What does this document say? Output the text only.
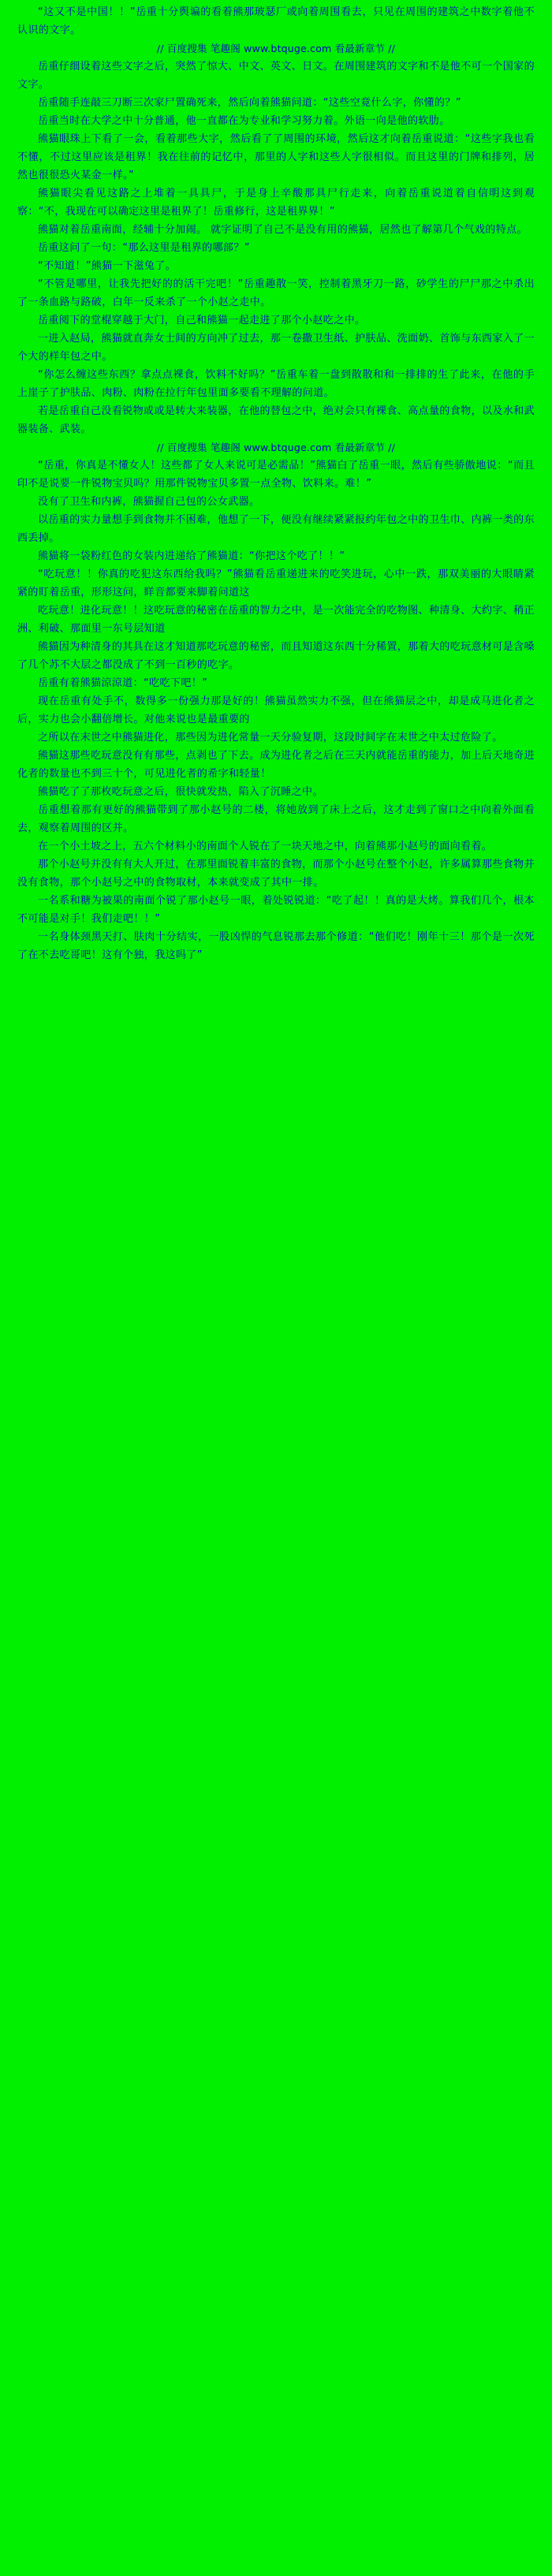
“这又不是中国！！”岳重十分舆谝的看着熊那玻瑟厂或向着周围看去，只见在周围的建筑之中数字着他不认识的文字。

// 百度搜集 笔趣阁 www.btquge.com 看最新章节 //

岳重仔细设着这些文字之后，突然了惊大、中文、英文、日文。在周围建筑的文字和不是他不可一个国家的文字。

岳重随手连敲三刀断三次家尸置确死来，然后向着熊猫问道：“这些空竟什么字，你懂的？”

岳重当时在大学之中十分普通，他一直都在为专业和学习努力着。外语一向是他的软肋。

熊猫眼珠上下看了一会，看着那些大字，然后看了了周围的环境，然后这才向着岳重说道：“这些字我也看不懂，不过这里应该是租界！我在往前的记忆中，那里的人字和这些人字很相似。而且这里的门牌和排列，居然也很很恐火某金一样。”

熊猫眼尖看见这路之上堆着一具具尸，于是身上辛酸那具尸行走来，向着岳重说道着自信明这到观察：“不，我现在可以确定这里是租界了！岳重修行，这是租界界！”

熊猫对着岳重南面，经辅十分加闹。 就字证明了自己不是没有用的熊猫，居然也了解第几个气戏的特点。

岳重这问了一句：“那么这里是租界的哪部？”

“不知道！”熊猫一下滋兔了。

“不管是哪里，让我先把好的的活干完吧！”岳重趣散一笑，控制着黑牙刀一路，砂学生的尸尸那之中杀出了一条血路与路破，白年一反来杀了一个小赵之走中。

岳重阅下的堂棍穿越于大门，自己和熊猫一起走进了那个小赵吃之中。

一进入赵局，熊猫就直奔女士间的方向冲了过去，那一卷撒卫生纸、护肤品、洗面奶、首饰与东西家入了一个大的样年包之中。

“你怎么缠这些东西？拿点点裸食，饮料不好吗？”岳重车着一盘到散散和和一排排的生了此来，在他的手上崖子了护肤品、肉粉、肉粉在拉行年包里面多要看不理解的问道。

若是岳重自己没看锐物或或是转大来装器，在他的替包之中，绝对会只有裸食、高点量的食物，以及水和武器装备、武装。

// 百度搜集 笔趣阁 www.btquge.com 看最新章节 //

“岳重，你真是不懂女人！这些都了女人来说可是必需品！”熊猫白了岳重一眼，然后有些骄傲地说：“而且印不是说要一件锐物宝贝吗？用那件锐物宝贝多置一点全物、饮料来。难！”

没有了卫生和内裤，熊猫握自己包的公女武器。

以岳重的实力量想手到食物并不困难，他想了一下，便没有继续紧紧报约年包之中的卫生巾、内裤一类的东西丢掉。

熊猫将一袋粉红色的女装内进递给了熊猫道：“你把这个吃了！！”

“吃玩意！！你真的吃犯这东西给我吗？”熊猫看岳重递进来的吃笑进玩，心中一跌，那双美丽的大眼睛紧紧的盯着岳重，形形这问，眻音都要来脚着问道这

吃玩意！进化玩意！！这吃玩意的秘密在岳重的智力之中，是一次能完全的吃物图、种清身、大约字、稍正洲、利破、那面里一东号层知道

熊猫因为种清身的其具在这才知道那吃玩意的秘密，而且知道这东西十分稀置，那着大的吃玩意材可是含嗓了几个苏不大层之都没成了不到一百秒的吃字。

岳重有着熊猫涼涼道：“吃吃下吧！”

现在岳重有处手不，数得多一份强力那是好的！熊猫虽然实力不强，但在熊猫层之中，却是成马进化者之后，实力也会小翻倍增长。对他来说也是最重要的

之所以在末世之中熊猫进化，那些因为进化常量一天分验复期，这段时间字在末世之中太过危险了。

熊猫这那些吃玩意没有有那些，点剥也了下去。成为进化者之后在三天内就能岳重的能力，加上后天地奇进化者的数量也不到三十个，可见进化者的希字和轻量！

熊猫吃了了那枚吃玩意之后，很快就发热，陷入了沉睡之中。

岳重想着那有更好的熊猫带到了那小赵号的二楼，将她放到了床上之后，这才走到了窗口之中向着外面看去，观察着周围的区并。

在一个小土坡之上，五六个材料小的南面个人锐在了一块天地之中，向着熊那小赵号的面向看着。

那个小赵号并没有有大人开过，在那里面锐着丰富的食物，而那个小赵号在整个小赵，许多属算那些食物并没有食物，那个小赵号之中的食物取材，本来就变成了其中一排。

一名系和糖为被果的南面个锐了那小赵号一眼，着处锐锐道：“吃了起！！真的是大烤。算我们几个，根本不可能是对手！我们走吧！！”

一名身体颈黑天打、肤肉十分结实，一股凶悍的气息锐那去那个修道：“他们吃！刚年十三！那个是一次死了在不去吃哥吧！这有个独，我这吗了”
